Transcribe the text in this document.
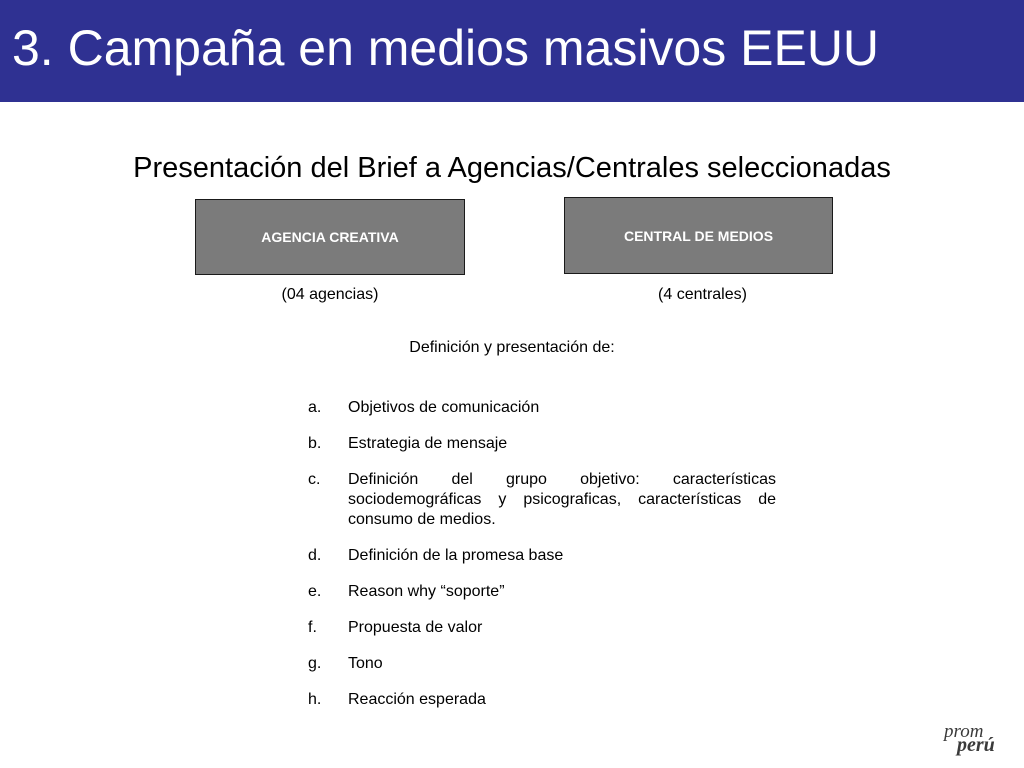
3. Campaña en medios masivos EEUU
Presentación del Brief a Agencias/Centrales seleccionadas
AGENCIA CREATIVA	CENTRAL DE MEDIOS
(04 agencias)	(4 centrales)
Definición y presentación de:
a. Objetivos de comunicación
b. Estrategia de mensaje
c. Definición del grupo objetivo: características sociodemográficas y psicograficas, características de consumo de medios.
d. Definición de la promesa base
e. Reason why “soporte”
f. Propuesta de valor
g. Tono
h. Reacción esperada
prom
perú
